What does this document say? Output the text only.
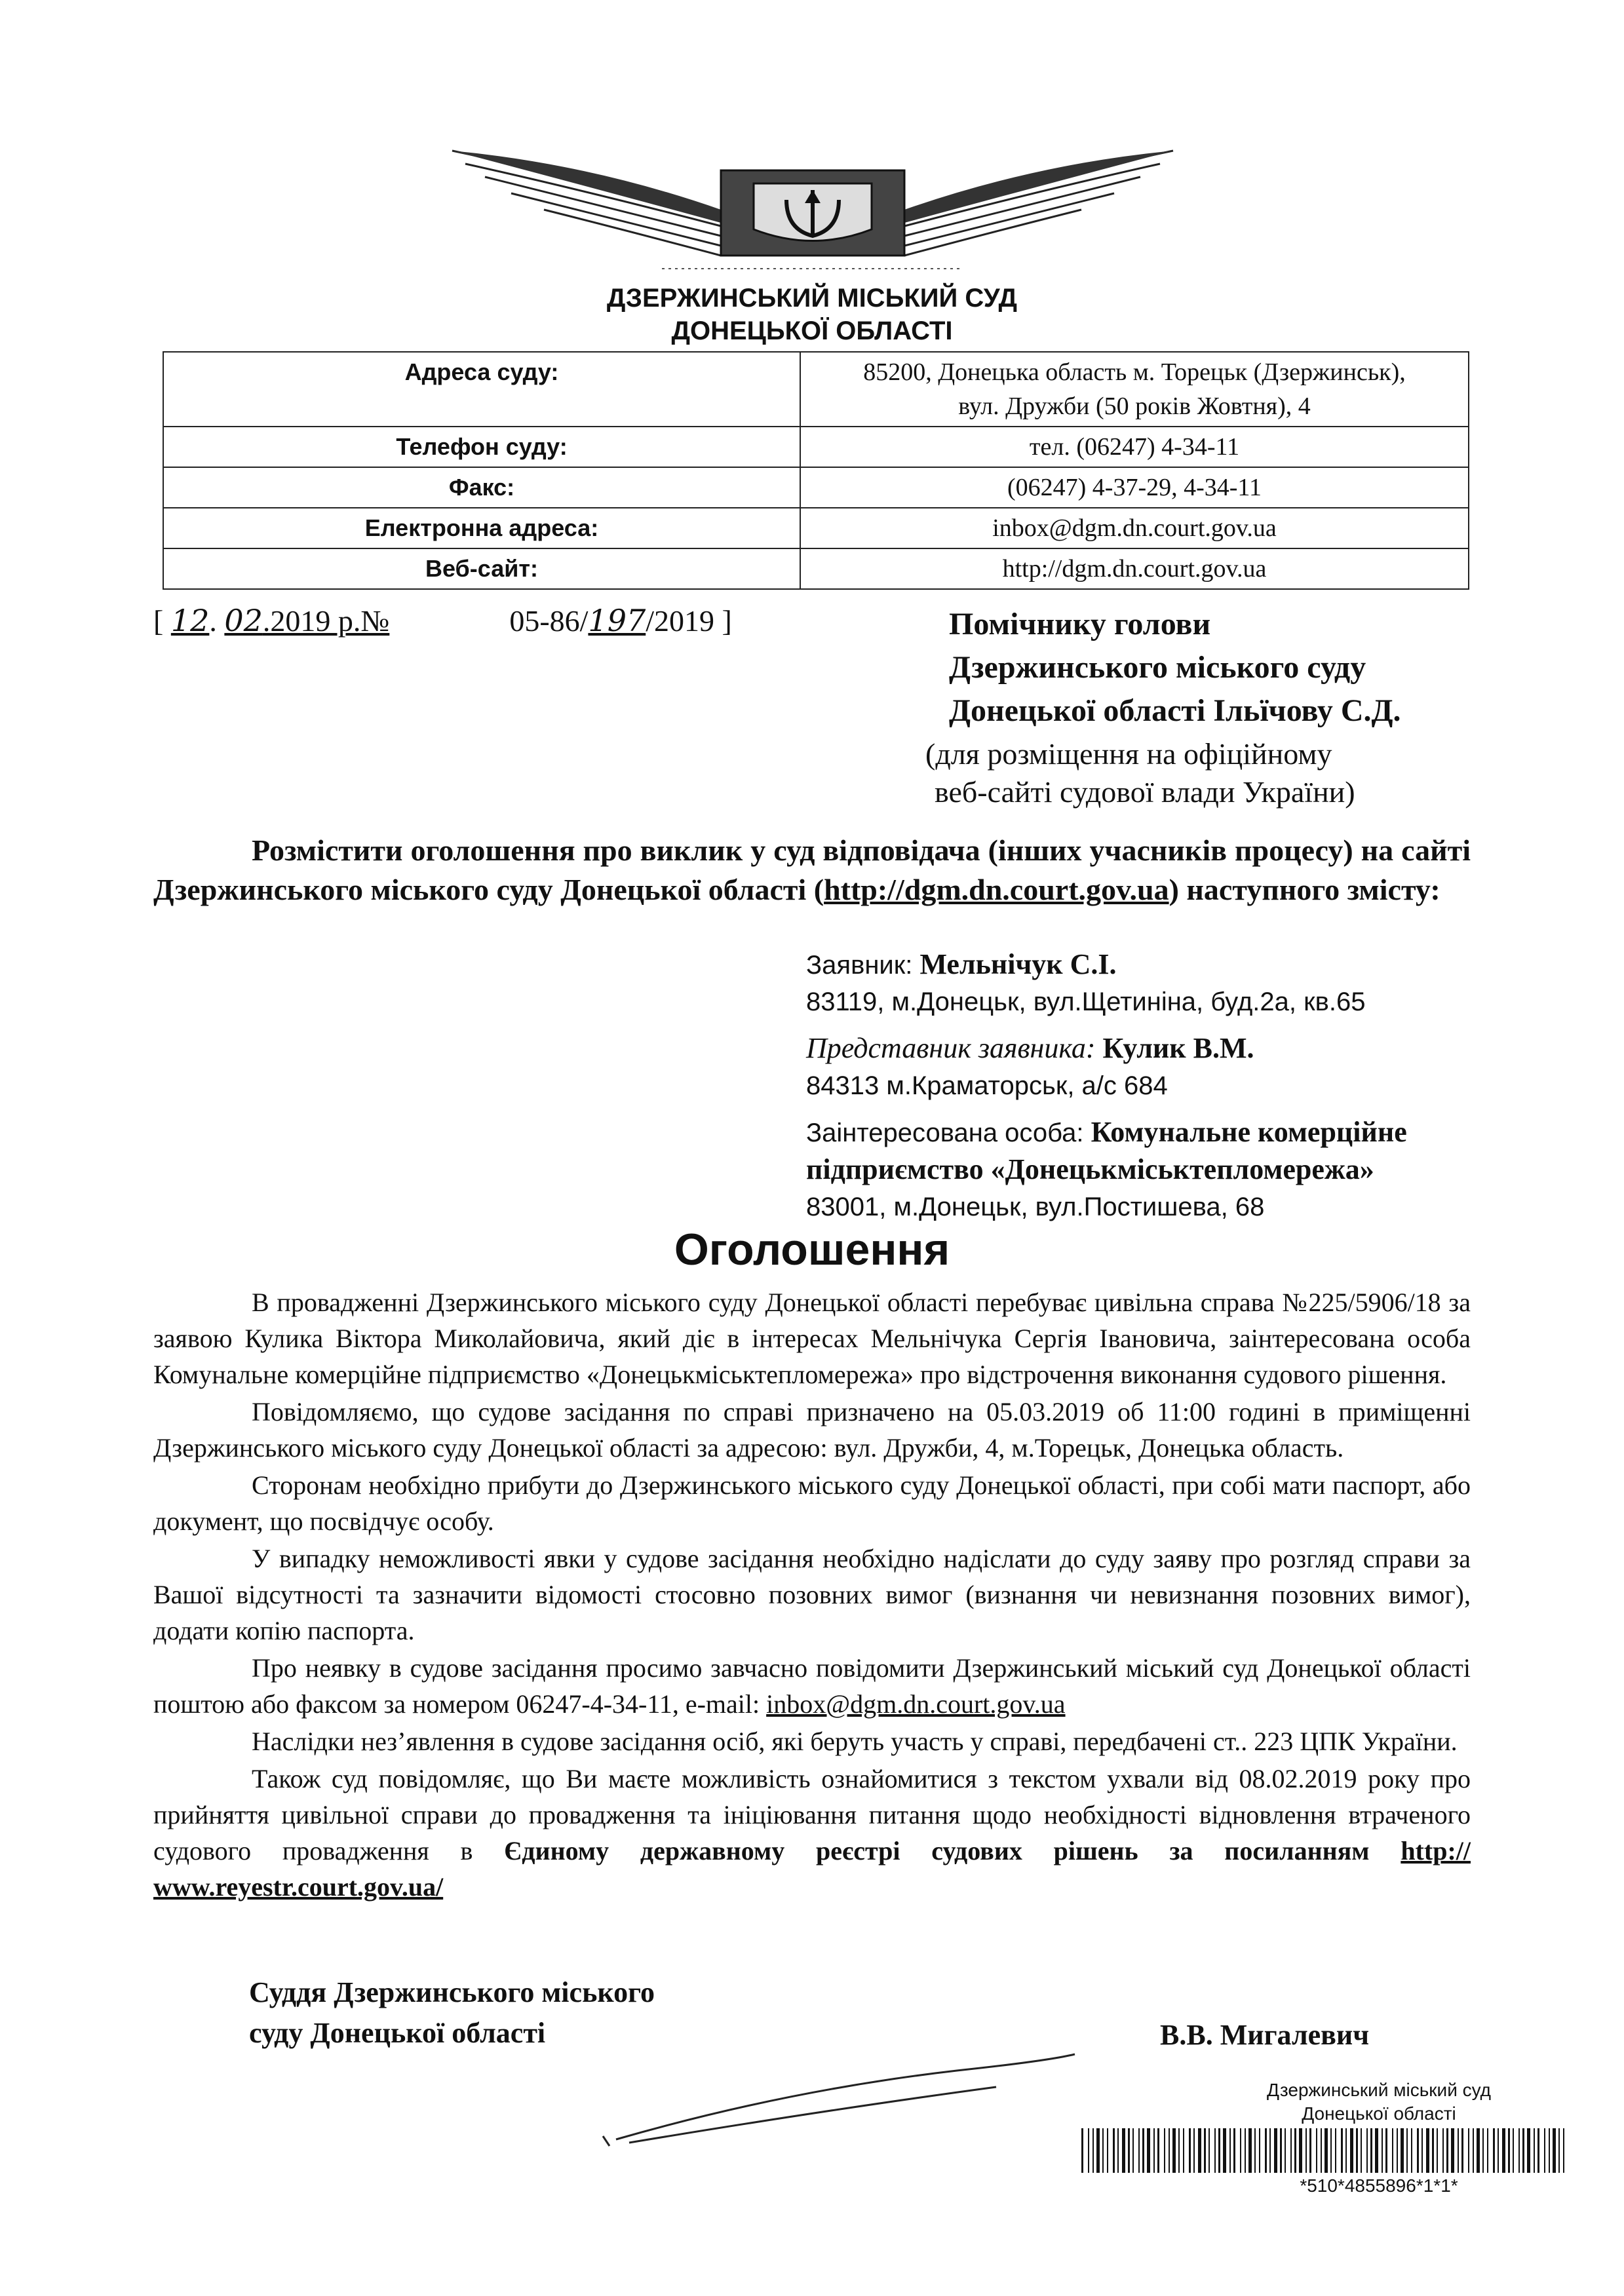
ДЗЕРЖИНСЬКИЙ МІСЬКИЙ СУД
ДОНЕЦЬКОЇ ОБЛАСТІ
Адреса суду:	85200, Донецька область м. Торецьк (Дзержинськ),
вул. Дружби (50 років Жовтня), 4

Телефон суду:	тел. (06247) 4-34-11
Факс:	(06247) 4-37-29, 4-34-11
Електронна адреса:	inbox@dgm.dn.court.gov.ua
Веб-сайт:	http://dgm.dn.court.gov.ua
[ 12. 02.2019 р.№	05-86/197/2019 ]	Помічнику голови
Дзержинського міського суду
Донецької області Ільїчову С.Д.
(для розміщення на офіційному
веб-сайті судової влади України)
Розмістити оголошення про виклик у суд відповідача (інших учасників процесу) на сайті Дзержинського міського суду Донецької області (http://dgm.dn.court.gov.ua) наступного змісту:
Заявник: Мельнічук С.І.
83119, м.Донецьк, вул.Щетиніна, буд.2а, кв.65
Представник заявника: Кулик В.М.
84313 м.Краматорськ, а/с 684
Заінтересована особа: Комунальне комерційне
підприємство «Донецькміськтепломережа»
83001, м.Донецьк, вул.Постишева, 68
Оголошення

В провадженні Дзержинського міського суду Донецької області перебуває цивільна справа №225/5906/18 за заявою Кулика Віктора Миколайовича, який діє в інтересах Мельнічука Сергія Івановича, заінтересована особа Комунальне комерційне підприємство «Донецькміськтепломережа» про відстрочення виконання судового рішення.

Повідомляємо, що судове засідання по справі призначено на 05.03.2019 об 11:00 годині в приміщенні Дзержинського міського суду Донецької області за адресою: вул. Дружби, 4, м.Торецьк, Донецька область.

Сторонам необхідно прибути до Дзержинського міського суду Донецької області, при собі мати паспорт, або документ, що посвідчує особу.

У випадку неможливості явки у судове засідання необхідно надіслати до суду заяву про розгляд справи за Вашої відсутності та зазначити відомості стосовно позовних вимог (визнання чи невизнання позовних вимог), додати копію паспорта.

Про неявку в судове засідання просимо завчасно повідомити Дзержинський міський суд Донецької області поштою або факсом за номером 06247-4-34-11, e-mail: inbox@dgm.dn.court.gov.ua

Наслідки нез’явлення в судове засідання осіб, які беруть участь у справі, передбачені ст.. 223 ЦПК України.

Також суд повідомляє, що Ви маєте можливість ознайомитися з текстом ухвали від 08.02.2019 року про прийняття цивільної справи до провадження та ініціювання питання щодо необхідності відновлення втраченого судового провадження в Єдиному державному реєстрі судових рішень за посиланням http:// www.reyestr.court.gov.ua/

Суддя Дзержинського міського
суду Донецької області	В.В. Мигалевич
Дзержинський міський суд
Донецької області
*510*4855896*1*1*
